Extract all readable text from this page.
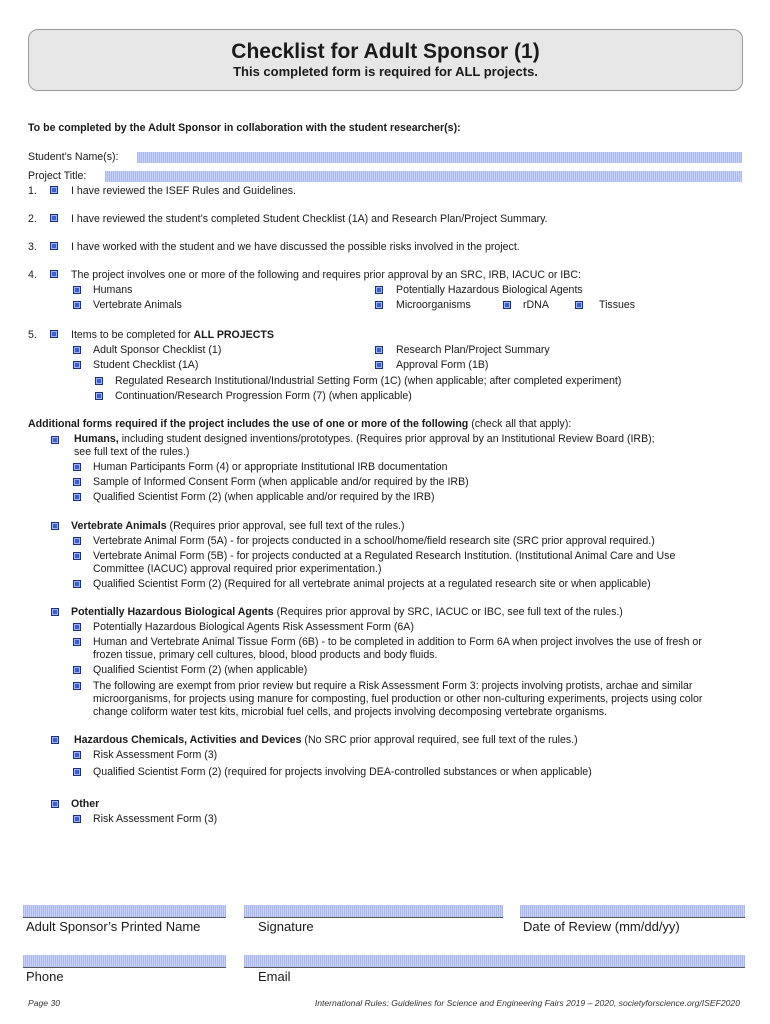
Checklist for Adult Sponsor (1)
This completed form is required for ALL projects.
To be completed by the Adult Sponsor in collaboration with the student researcher(s):
Student’s Name(s):
Project Title:
1.	I have reviewed the ISEF Rules and Guidelines.
2.	I have reviewed the student’s completed Student Checklist (1A) and Research Plan/Project Summary.
3.	I have worked with the student and we have discussed the possible risks involved in the project.
4.	The project involves one or more of the following and requires prior approval by an SRC, IRB, IACUC or IBC:
Humans	Potentially Hazardous Biological Agents
Vertebrate Animals	Microorganisms	rDNA	Tissues
5.	Items to be completed for ALL PROJECTS
Adult Sponsor Checklist (1)	Research Plan/Project Summary
Student Checklist (1A)	Approval Form (1B)
Regulated Research Institutional/Industrial Setting Form (1C) (when applicable; after completed experiment)
Continuation/Research Progression Form (7) (when applicable)
Additional forms required if the project includes the use of one or more of the following (check all that apply):
Humans, including student designed inventions/prototypes. (Requires prior approval by an Institutional Review Board (IRB);
see full text of the rules.)
Human Participants Form (4) or appropriate Institutional IRB documentation
Sample of Informed Consent Form (when applicable and/or required by the IRB)
Qualified Scientist Form (2) (when applicable and/or required by the IRB)
Vertebrate Animals (Requires prior approval, see full text of the rules.)
Vertebrate Animal Form (5A) - for projects conducted in a school/home/field research site (SRC prior approval required.)
Vertebrate Animal Form (5B) - for projects conducted at a Regulated Research Institution. (Institutional Animal Care and Use
Committee (IACUC) approval required prior experimentation.)
Qualified Scientist Form (2) (Required for all vertebrate animal projects at a regulated research site or when applicable)
Potentially Hazardous Biological Agents (Requires prior approval by SRC, IACUC or IBC, see full text of the rules.)
Potentially Hazardous Biological Agents Risk Assessment Form (6A)
Human and Vertebrate Animal Tissue Form (6B) - to be completed in addition to Form 6A when project involves the use of fresh or
frozen tissue, primary cell cultures, blood, blood products and body fluids.
Qualified Scientist Form (2) (when applicable)
The following are exempt from prior review but require a Risk Assessment Form 3: projects involving protists, archae and similar
microorganisms, for projects using manure for composting, fuel production or other non-culturing experiments, projects using color
change coliform water test kits, microbial fuel cells, and projects involving decomposing vertebrate organisms.
Hazardous Chemicals, Activities and Devices (No SRC prior approval required, see full text of the rules.)
Risk Assessment Form (3)
Qualified Scientist Form (2) (required for projects involving DEA-controlled substances or when applicable)
Other
Risk Assessment Form (3)
Adult Sponsor’s Printed Name	Signature	Date of Review (mm/dd/yy)
Phone	Email
Page 30	International Rules: Guidelines for Science and Engineering Fairs 2019 – 2020, societyforscience.org/ISEF2020
